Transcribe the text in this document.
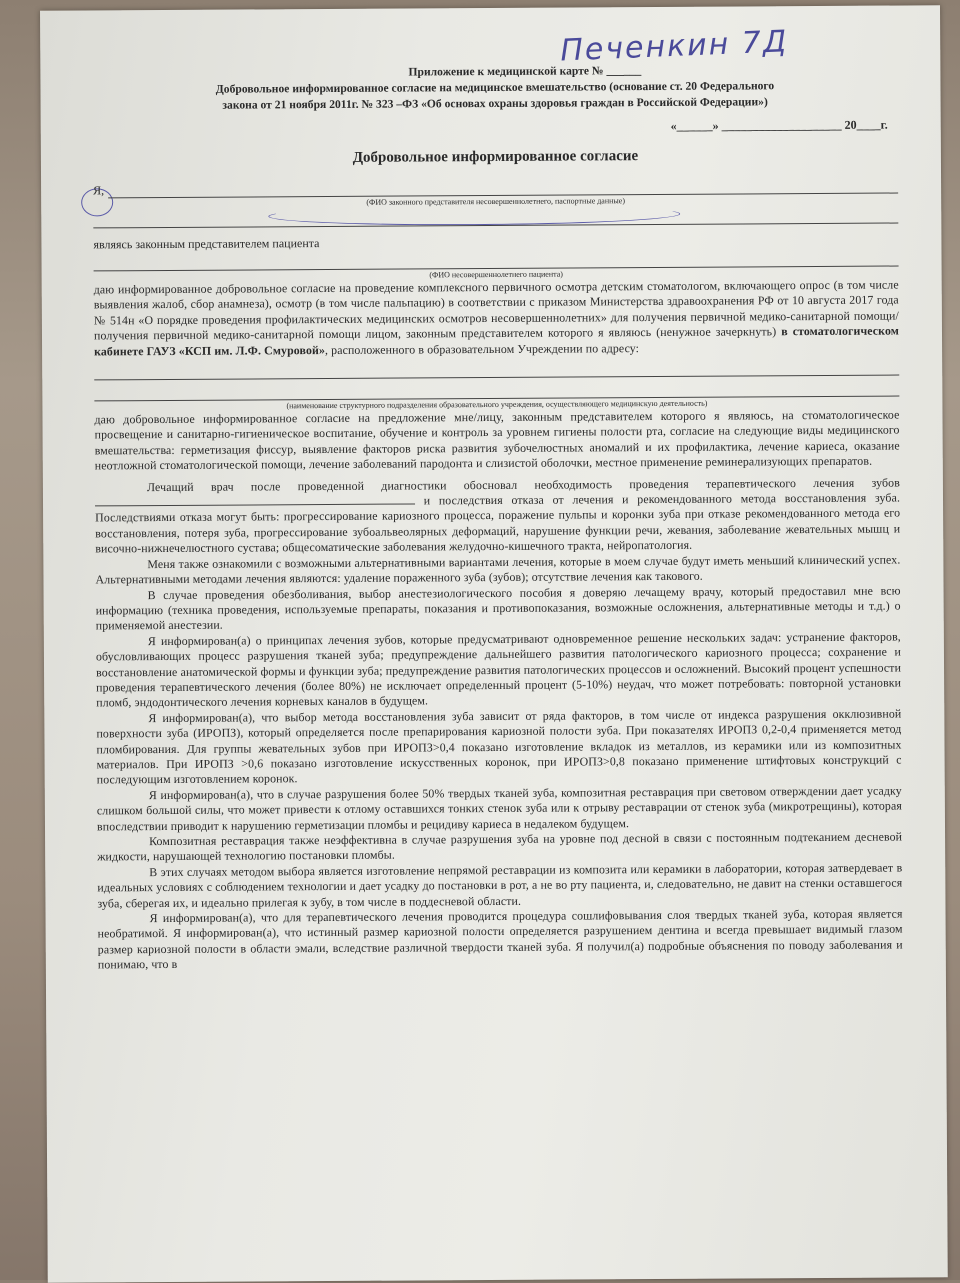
Печенкин 7Д
Приложение к медицинской карте № ______
Добровольное информированное согласие на медицинское вмешательство (основание ст. 20 Федерального
закона от 21 ноября 2011г. № 323 –ФЗ «Об основах охраны здоровья граждан в Российской Федерации»)
«______» ____________________ 20____г.
Добровольное информированное согласие
Я,
(ФИО законного представителя несовершеннолетнего, паспортные данные)
являясь законным представителем пациента
(ФИО несовершеннолетнего пациента)

даю информированное добровольное согласие на проведение комплексного первичного осмотра детским стоматологом, включающего опрос (в том числе выявления жалоб, сбор анамнеза), осмотр (в том числе пальпацию) в соответствии с приказом Министерства здравоохранения РФ от 10 августа 2017 года № 514н «О порядке проведения профилактических медицинских осмотров несовершеннолетних» для получения первичной медико-санитарной помощи/получения первичной медико-санитарной помощи лицом, законным представителем которого я являюсь (ненужное зачеркнуть) в стоматологическом кабинете ГАУЗ «КСП им. Л.Ф. Смуровой», расположенного в образовательном Учреждении по адресу:

(наименование структурного подразделения образовательного учреждения, осуществляющего медицинскую деятельность)

даю добровольное информированное согласие на предложение мне/лицу, законным представителем которого я являюсь, на стоматологическое просвещение и санитарно-гигиеническое воспитание, обучение и контроль за уровнем гигиены полости рта, согласие на следующие виды медицинского вмешательства: герметизация фиссур, выявление факторов риска развития зубочелюстных аномалий и их профилактика, лечение кариеса, оказание неотложной стоматологической помощи, лечение заболеваний пародонта и слизистой оболочки, местное применение реминерализующих препаратов.

Лечащий врач после проведенной диагностики обосновал необходимость проведения терапевтического лечения зубов  и последствия отказа от лечения и рекомендованного метода восстановления зуба. Последствиями отказа могут быть: прогрессирование кариозного процесса, поражение пульпы и коронки зуба при отказе рекомендованного метода его восстановления, потеря зуба, прогрессирование зубоальвеолярных деформаций, нарушение функции речи, жевания, заболевание жевательных мышц и височно-нижнечелюстного сустава; общесоматические заболевания желудочно-кишечного тракта, нейропатология.

Меня также ознакомили с возможными альтернативными вариантами лечения, которые в моем случае будут иметь меньший клинический успех. Альтернативными методами лечения являются: удаление пораженного зуба (зубов); отсутствие лечения как такового.

В случае проведения обезболивания, выбор анестезиологического пособия я доверяю лечащему врачу, который предоставил мне всю информацию (техника проведения, используемые препараты, показания и противопоказания, возможные осложнения, альтернативные методы и т.д.) о применяемой анестезии.

Я информирован(а) о принципах лечения зубов, которые предусматривают одновременное решение нескольких задач: устранение факторов, обусловливающих процесс разрушения тканей зуба; предупреждение дальнейшего развития патологического кариозного процесса; сохранение и восстановление анатомической формы и функции зуба; предупреждение развития патологических процессов и осложнений. Высокий процент успешности проведения терапевтического лечения (более 80%) не исключает определенный процент (5-10%) неудач, что может потребовать: повторной установки пломб, эндодонтического лечения корневых каналов в будущем.

Я информирован(а), что выбор метода восстановления зуба зависит от ряда факторов, в том числе от индекса разрушения окклюзивной поверхности зуба (ИРОПЗ), который определяется после препарирования кариозной полости зуба. При показателях ИРОПЗ 0,2-0,4 применяется метод пломбирования. Для группы жевательных зубов при ИРОПЗ>0,4 показано изготовление вкладок из металлов, из керамики или из композитных материалов. При ИРОПЗ >0,6 показано изготовление искусственных коронок, при ИРОПЗ>0,8 показано применение штифтовых конструкций с последующим изготовлением коронок.

Я информирован(а), что в случае разрушения более 50% твердых тканей зуба, композитная реставрация при световом отверждении дает усадку слишком большой силы, что может привести к отлому оставшихся тонких стенок зуба или к отрыву реставрации от стенок зуба (микротрещины), которая впоследствии приводит к нарушению герметизации пломбы и рецидиву кариеса в недалеком будущем.

Композитная реставрация также неэффективна в случае разрушения зуба на уровне под десной в связи с постоянным подтеканием десневой жидкости, нарушающей технологию постановки пломбы.

В этих случаях методом выбора является изготовление непрямой реставрации из композита или керамики в лаборатории, которая затвердевает в идеальных условиях с соблюдением технологии и дает усадку до постановки в рот, а не во рту пациента, и, следовательно, не давит на стенки оставшегося зуба, сберегая их, и идеально прилегая к зубу, в том числе в поддесневой области.

Я информирован(а), что для терапевтического лечения проводится процедура сошлифовывания слоя твердых тканей зуба, которая является необратимой. Я информирован(а), что истинный размер кариозной полости определяется разрушением дентина и всегда превышает видимый глазом размер кариозной полости в области эмали, вследствие различной твердости тканей зуба. Я получил(а) подробные объяснения по поводу заболевания и понимаю, что в
